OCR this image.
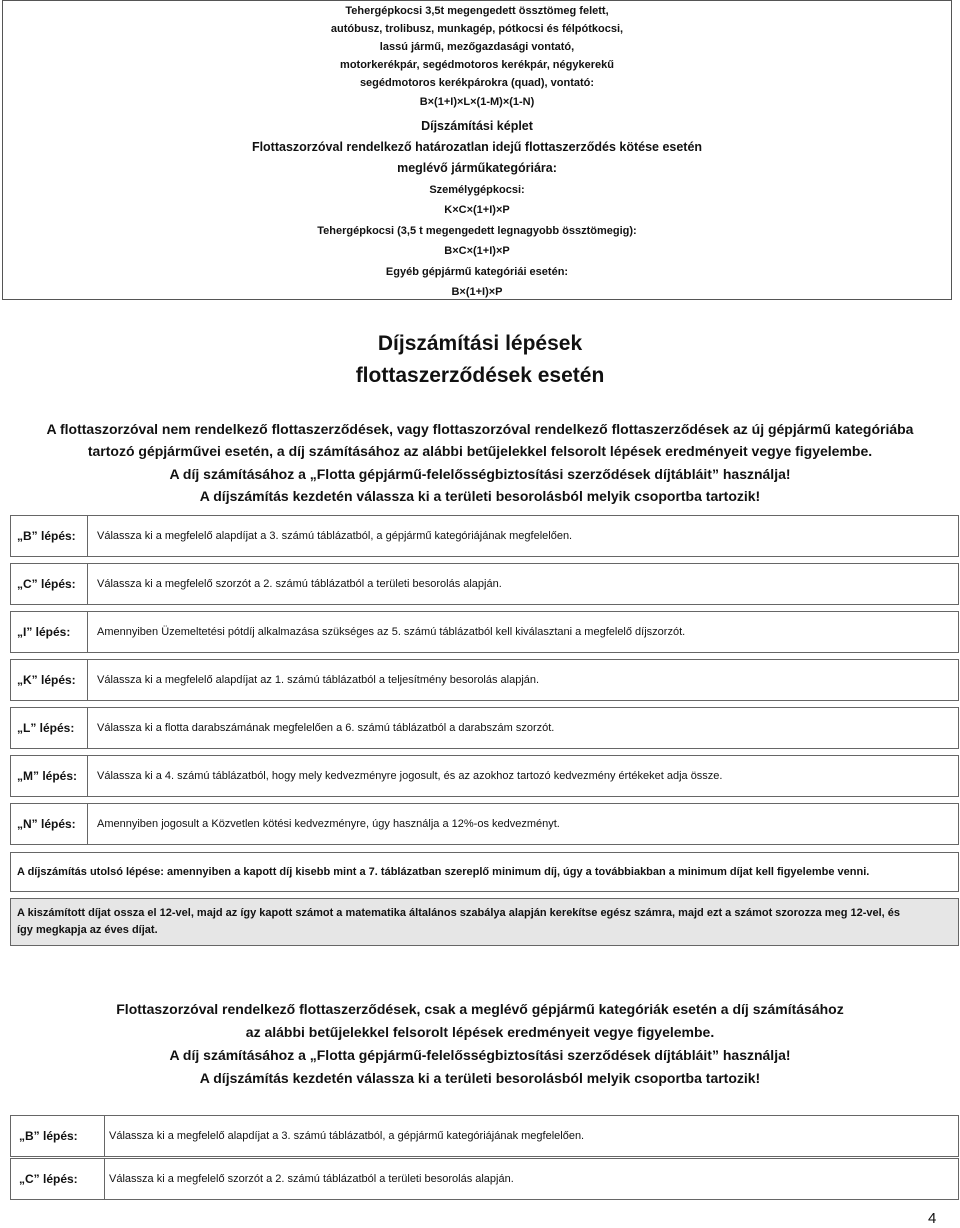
Tehergépkocsi 3,5t megengedett össztömeg felett,
autóbusz, trolibusz, munkagép, pótkocsi és félpótkocsi,
lassú jármű, mezőgazdasági vontató,
motorkerékpár, segédmotoros kerékpár, négykerekű
segédmotoros kerékpárokra (quad), vontató:
B×(1+I)×L×(1-M)×(1-N)
Díjszámítási képlet
Flottaszorzóval rendelkező határozatlan idejű flottaszerződés kötése esetén
meglévő járműkategóriára:
Személygépkocsi:
K×C×(1+I)×P
Tehergépkocsi (3,5 t megengedett legnagyobb össztömegig):
B×C×(1+I)×P
Egyéb gépjármű kategóriái esetén:
B×(1+I)×P
Díjszámítási lépések
flottaszerződések esetén
A flottaszorzóval nem rendelkező flottaszerződések, vagy flottaszorzóval rendelkező flottaszerződések az új gépjármű kategóriába
tartozó gépjárművei esetén, a díj számításához az alábbi betűjelekkel felsorolt lépések eredményeit vegye figyelembe.
A díj számításához a „Flotta gépjármű-felelősségbiztosítási szerződések díjtábláit” használja!
A díjszámítás kezdetén válassza ki a területi besorolásból melyik csoportba tartozik!
„B” lépés:	Válassza ki a megfelelő alapdíjat a 3. számú táblázatból, a gépjármű kategóriájának megfelelően.
„C” lépés:	Válassza ki a megfelelő szorzót a 2. számú táblázatból a területi besorolás alapján.
„I” lépés:	Amennyiben Üzemeltetési pótdíj alkalmazása szükséges az 5. számú táblázatból kell kiválasztani a megfelelő díjszorzót.
„K” lépés:	Válassza ki a megfelelő alapdíjat az 1. számú táblázatból a teljesítmény besorolás alapján.
„L” lépés:	Válassza ki a flotta darabszámának megfelelően a 6. számú táblázatból a darabszám szorzót.
„M” lépés:	Válassza ki a 4. számú táblázatból, hogy mely kedvezményre jogosult, és az azokhoz tartozó kedvezmény értékeket adja össze.
„N” lépés:	Amennyiben jogosult a Közvetlen kötési kedvezményre, úgy használja a 12%-os kedvezményt.
A díjszámítás utolsó lépése: amennyiben a kapott díj kisebb mint a 7. táblázatban szereplő minimum díj, úgy a továbbiakban a minimum díjat kell figyelembe venni.
A kiszámított díjat ossza el 12-vel, majd az így kapott számot a matematika általános szabálya alapján kerekítse egész számra, majd ezt a számot szorozza meg 12-vel, és
így megkapja az éves díjat.
Flottaszorzóval rendelkező flottaszerződések, csak a meglévő gépjármű kategóriák esetén a díj számításához
az alábbi betűjelekkel felsorolt lépések eredményeit vegye figyelembe.
A díj számításához a „Flotta gépjármű-felelősségbiztosítási szerződések díjtábláit” használja!
A díjszámítás kezdetén válassza ki a területi besorolásból melyik csoportba tartozik!
„B” lépés:	Válassza ki a megfelelő alapdíjat a 3. számú táblázatból, a gépjármű kategóriájának megfelelően.
„C” lépés:	Válassza ki a megfelelő szorzót a 2. számú táblázatból a területi besorolás alapján.
4
